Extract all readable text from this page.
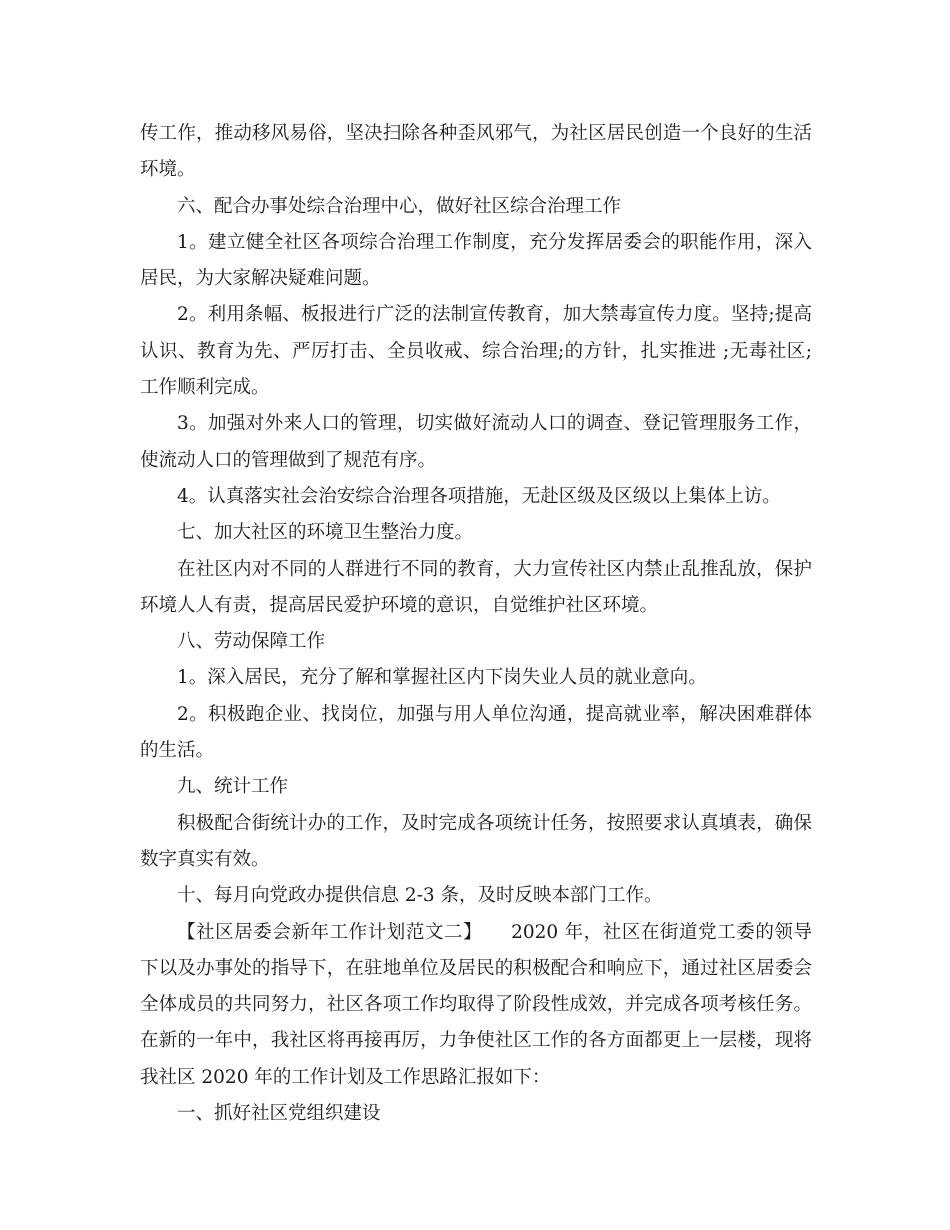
传工作，推动移风易俗，坚决扫除各种歪风邪气，为社区居民创造一个良好的生活环境。

六、配合办事处综合治理中心，做好社区综合治理工作

1。建立健全社区各项综合治理工作制度，充分发挥居委会的职能作用，深入居民，为大家解决疑难问题。

2。利用条幅、板报进行广泛的法制宣传教育，加大禁毒宣传力度。坚持;提高认识、教育为先、严厉打击、全员收戒、综合治理;的方针，扎实推进 ;无毒社区;工作顺利完成。

3。加强对外来人口的管理，切实做好流动人口的调查、登记管理服务工作，使流动人口的管理做到了规范有序。

4。认真落实社会治安综合治理各项措施，无赴区级及区级以上集体上访。

七、加大社区的环境卫生整治力度。

在社区内对不同的人群进行不同的教育，大力宣传社区内禁止乱推乱放，保护环境人人有责，提高居民爱护环境的意识，自觉维护社区环境。

八、劳动保障工作

1。深入居民，充分了解和掌握社区内下岗失业人员的就业意向。

2。积极跑企业、找岗位，加强与用人单位沟通，提高就业率，解决困难群体的生活。

九、统计工作

积极配合街统计办的工作，及时完成各项统计任务，按照要求认真填表，确保数字真实有效。

十、每月向党政办提供信息 2-3 条，及时反映本部门工作。

【社区居委会新年工作计划范文二】　　2020 年，社区在街道党工委的领导下以及办事处的指导下，在驻地单位及居民的积极配合和响应下，通过社区居委会全体成员的共同努力，社区各项工作均取得了阶段性成效，并完成各项考核任务。在新的一年中，我社区将再接再厉，力争使社区工作的各方面都更上一层楼，现将我社区 2020 年的工作计划及工作思路汇报如下：

一、抓好社区党组织建设
